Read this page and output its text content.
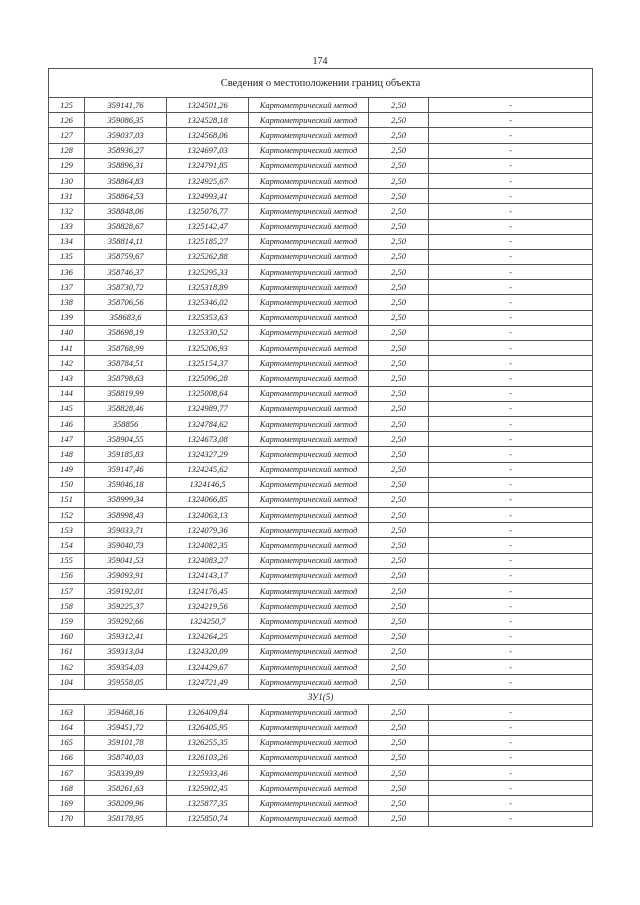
174
Сведения о местоположении границ объекта					
125	359141,76	1324501,26	Картометрический метод	2,50	-
126	359086,35	1324528,18	Картометрический метод	2,50	-
127	359037,03	1324568,06	Картометрический метод	2,50	-
128	358936,27	1324697,03	Картометрический метод	2,50	-
129	358896,31	1324791,85	Картометрический метод	2,50	-
130	358864,83	1324925,67	Картометрический метод	2,50	-
131	358864,53	1324993,41	Картометрический метод	2,50	-
132	358848,06	1325076,77	Картометрический метод	2,50	-
133	358828,67	1325142,47	Картометрический метод	2,50	-
134	358814,11	1325185,27	Картометрический метод	2,50	-
135	358759,67	1325262,88	Картометрический метод	2,50	-
136	358746,37	1325295,33	Картометрический метод	2,50	-
137	358730,72	1325318,89	Картометрический метод	2,50	-
138	358706,56	1325346,02	Картометрический метод	2,50	-
139	358683,6	1325353,63	Картометрический метод	2,50	-
140	358698,19	1325330,52	Картометрический метод	2,50	-
141	358768,99	1325206,93	Картометрический метод	2,50	-
142	358784,51	1325154,37	Картометрический метод	2,50	-
143	358798,63	1325096,28	Картометрический метод	2,50	-
144	358819,99	1325008,64	Картометрический метод	2,50	-
145	358828,46	1324989,77	Картометрический метод	2,50	-
146	358856	1324784,62	Картометрический метод	2,50	-
147	358904,55	1324673,08	Картометрический метод	2,50	-
148	359185,83	1324327,29	Картометрический метод	2,50	-
149	359147,46	1324245,62	Картометрический метод	2,50	-
150	359046,18	1324146,5	Картометрический метод	2,50	-
151	358999,34	1324066,85	Картометрический метод	2,50	-
152	358998,43	1324063,13	Картометрический метод	2,50	-
153	359033,71	1324079,36	Картометрический метод	2,50	-
154	359040,73	1324082,35	Картометрический метод	2,50	-
155	359041,53	1324083,27	Картометрический метод	2,50	-
156	359093,91	1324143,17	Картометрический метод	2,50	-
157	359192,01	1324176,45	Картометрический метод	2,50	-
158	359225,37	1324219,56	Картометрический метод	2,50	-
159	359292,66	1324250,7	Картометрический метод	2,50	-
160	359312,41	1324264,25	Картометрический метод	2,50	-
161	359313,04	1324320,09	Картометрический метод	2,50	-
162	359354,03	1324429,67	Картометрический метод	2,50	-
104	359558,05	1324721,49	Картометрический метод	2,50	-
ЗУ1(5)					
163	359468,16	1326409,84	Картометрический метод	2,50	-
164	359451,72	1326405,95	Картометрический метод	2,50	-
165	359101,78	1326255,35	Картометрический метод	2,50	-
166	358740,03	1326103,26	Картометрический метод	2,50	-
167	358339,89	1325933,46	Картометрический метод	2,50	-
168	358261,63	1325902,45	Картометрический метод	2,50	-
169	358209,96	1325877,35	Картометрический метод	2,50	-
170	358178,95	1325850,74	Картометрический метод	2,50	-
